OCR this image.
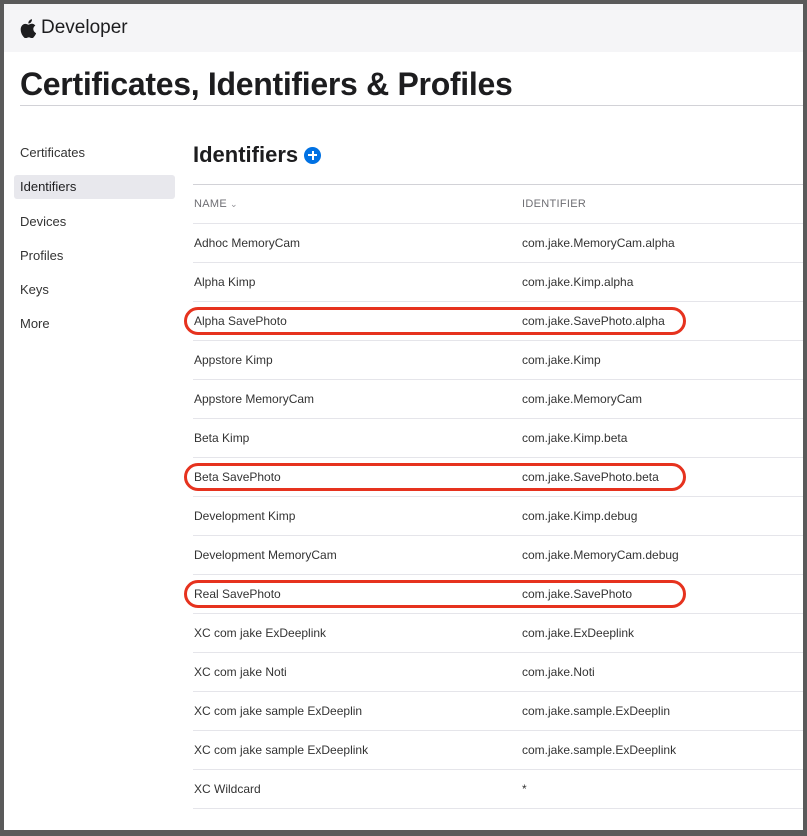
Developer
Certificates, Identifiers & Profiles
Certificates
Identifiers
Devices
Profiles
Keys
More
Identifiers
NAME ⌄	IDENTIFIER
Adhoc MemoryCam	com.jake.MemoryCam.alpha
Alpha Kimp	com.jake.Kimp.alpha
Alpha SavePhoto	com.jake.SavePhoto.alpha
Appstore Kimp	com.jake.Kimp
Appstore MemoryCam	com.jake.MemoryCam
Beta Kimp	com.jake.Kimp.beta
Beta SavePhoto	com.jake.SavePhoto.beta
Development Kimp	com.jake.Kimp.debug
Development MemoryCam	com.jake.MemoryCam.debug
Real SavePhoto	com.jake.SavePhoto
XC com jake ExDeeplink	com.jake.ExDeeplink
XC com jake Noti	com.jake.Noti
XC com jake sample ExDeeplin	com.jake.sample.ExDeeplin
XC com jake sample ExDeeplink	com.jake.sample.ExDeeplink
XC Wildcard	*
